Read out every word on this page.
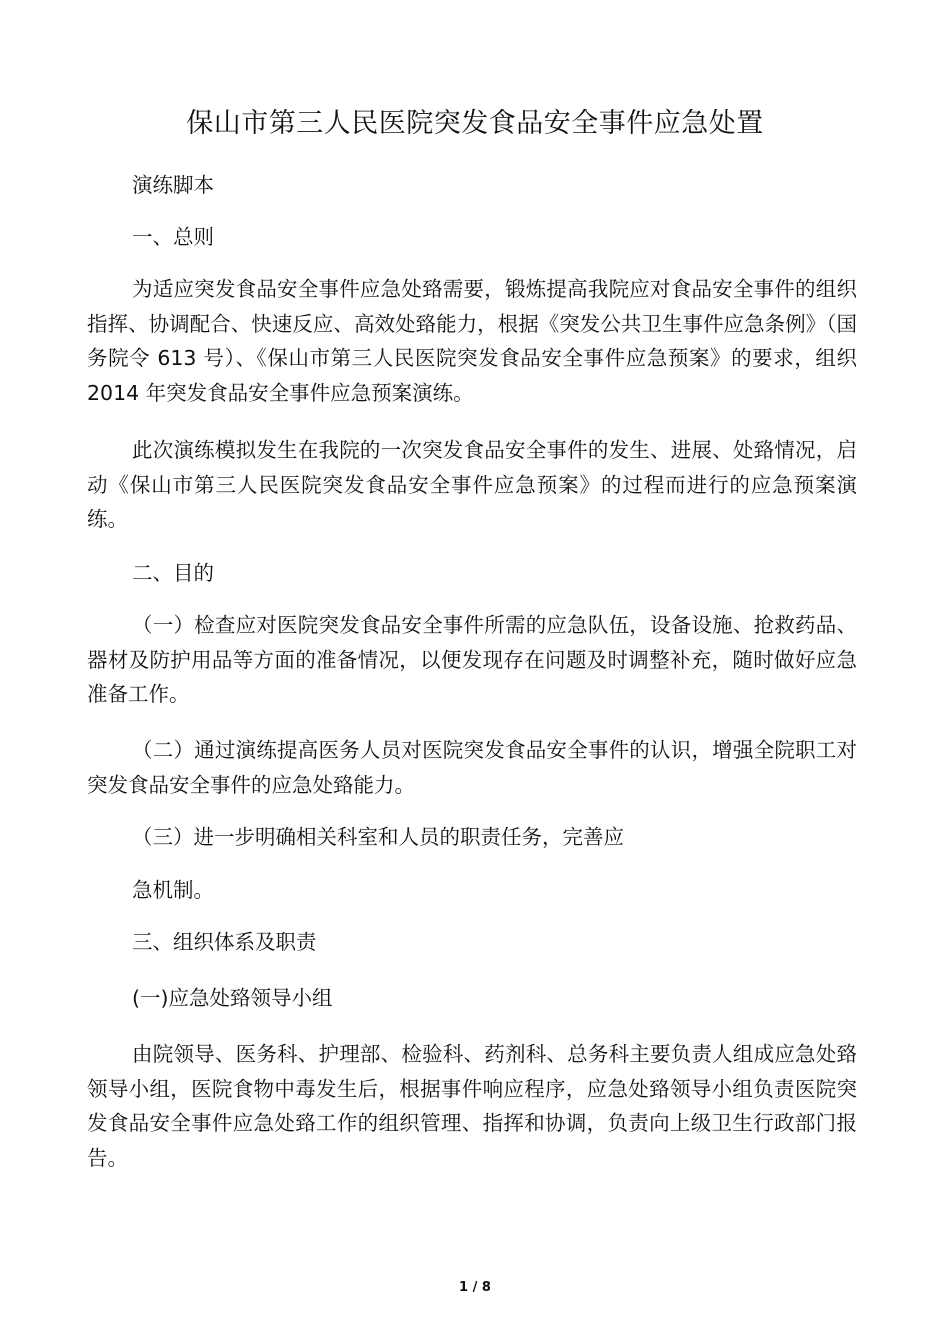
保山市第三人民医院突发食品安全事件应急处置

演练脚本

一、总则

为适应突发食品安全事件应急处臵需要，锻炼提高我院应对食品安全事件的组织指挥、协调配合、快速反应、高效处臵能力，根据《突发公共卫生事件应急条例》（国务院令 613 号）、《保山市第三人民医院突发食品安全事件应急预案》的要求，组织 2014 年突发食品安全事件应急预案演练。

此次演练模拟发生在我院的一次突发食品安全事件的发生、进展、处臵情况，启动《保山市第三人民医院突发食品安全事件应急预案》的过程而进行的应急预案演练。

二、目的

（一）检查应对医院突发食品安全事件所需的应急队伍，设备设施、抢救药品、器材及防护用品等方面的准备情况，以便发现存在问题及时调整补充，随时做好应急准备工作。

（二）通过演练提高医务人员对医院突发食品安全事件的认识，增强全院职工对突发食品安全事件的应急处臵能力。

（三）进一步明确相关科室和人员的职责任务，完善应

急机制。

三、组织体系及职责

(一)应急处臵领导小组

由院领导、医务科、护理部、检验科、药剂科、总务科主要负责人组成应急处臵领导小组，医院食物中毒发生后，根据事件响应程序，应急处臵领导小组负责医院突发食品安全事件应急处臵工作的组织管理、指挥和协调，负责向上级卫生行政部门报告。

1 / 8
